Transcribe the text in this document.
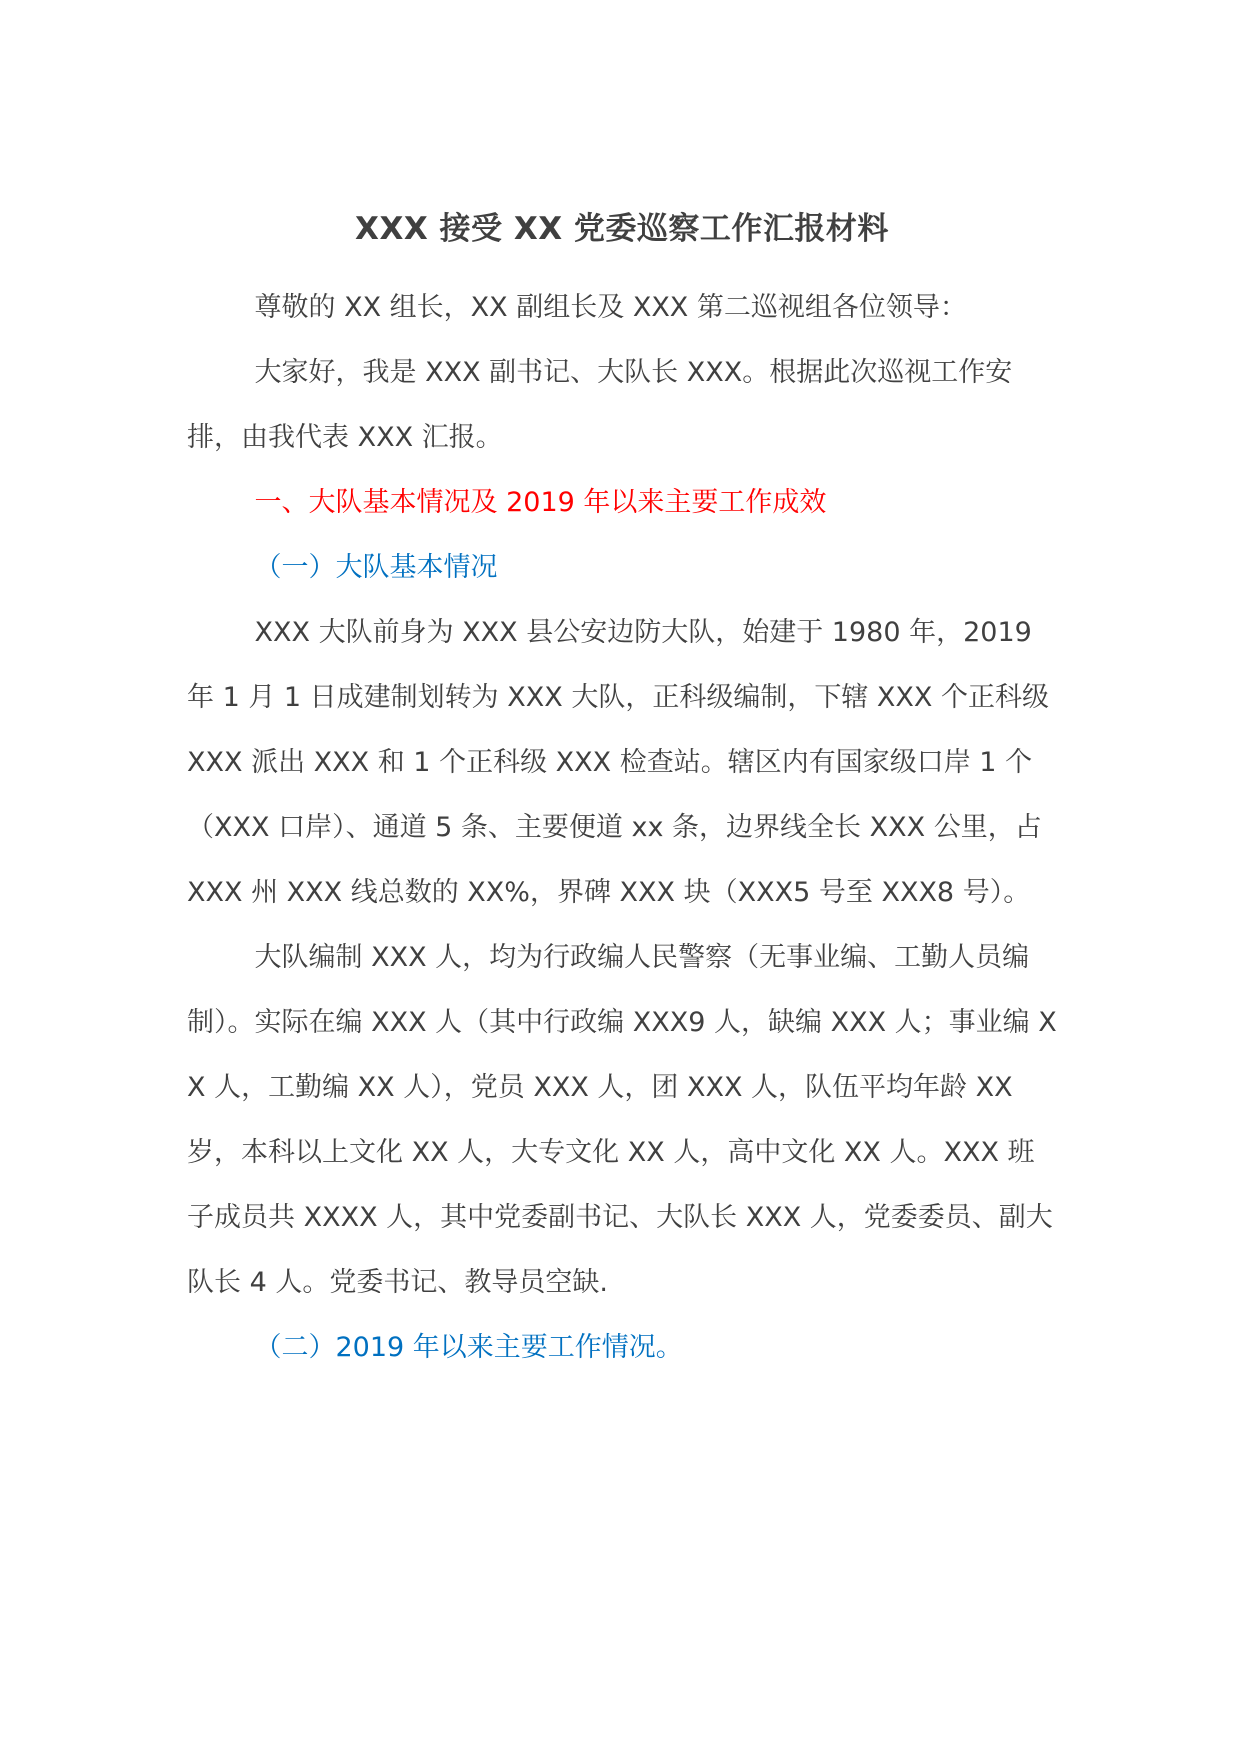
XXX 接受 XX 党委巡察工作汇报材料

尊敬的 XX 组长，XX 副组长及 XXX 第二巡视组各位领导：

大家好，我是 XXX 副书记、大队长 XXX。根据此次巡视工作安排，由我代表 XXX 汇报。

一、大队基本情况及 2019 年以来主要工作成效

（一）大队基本情况

XXX 大队前身为 XXX 县公安边防大队，始建于 1980 年，2019 年 1 月 1 日成建制划转为 XXX 大队，正科级编制，下辖 XXX 个正科级 XXX 派出 XXX 和 1 个正科级 XXX 检查站。辖区内有国家级口岸 1 个（XXX 口岸）、通道 5 条、主要便道 xx 条，边界线全长 XXX 公里，占 XXX 州 XXX 线总数的 XX%，界碑 XXX 块（XXX5 号至 XXX8 号）。

大队编制 XXX 人，均为行政编人民警察（无事业编、工勤人员编制）。实际在编 XXX 人（其中行政编 XXX9 人，缺编 XXX 人；事业编 XX 人，工勤编 XX 人），党员 XXX 人，团 XXX 人，队伍平均年龄 XX 岁，本科以上文化 XX 人，大专文化 XX 人，高中文化 XX 人。XXX 班子成员共 XXXX 人，其中党委副书记、大队长 XXX 人，党委委员、副大队长 4 人。党委书记、教导员空缺.

（二）2019 年以来主要工作情况。
